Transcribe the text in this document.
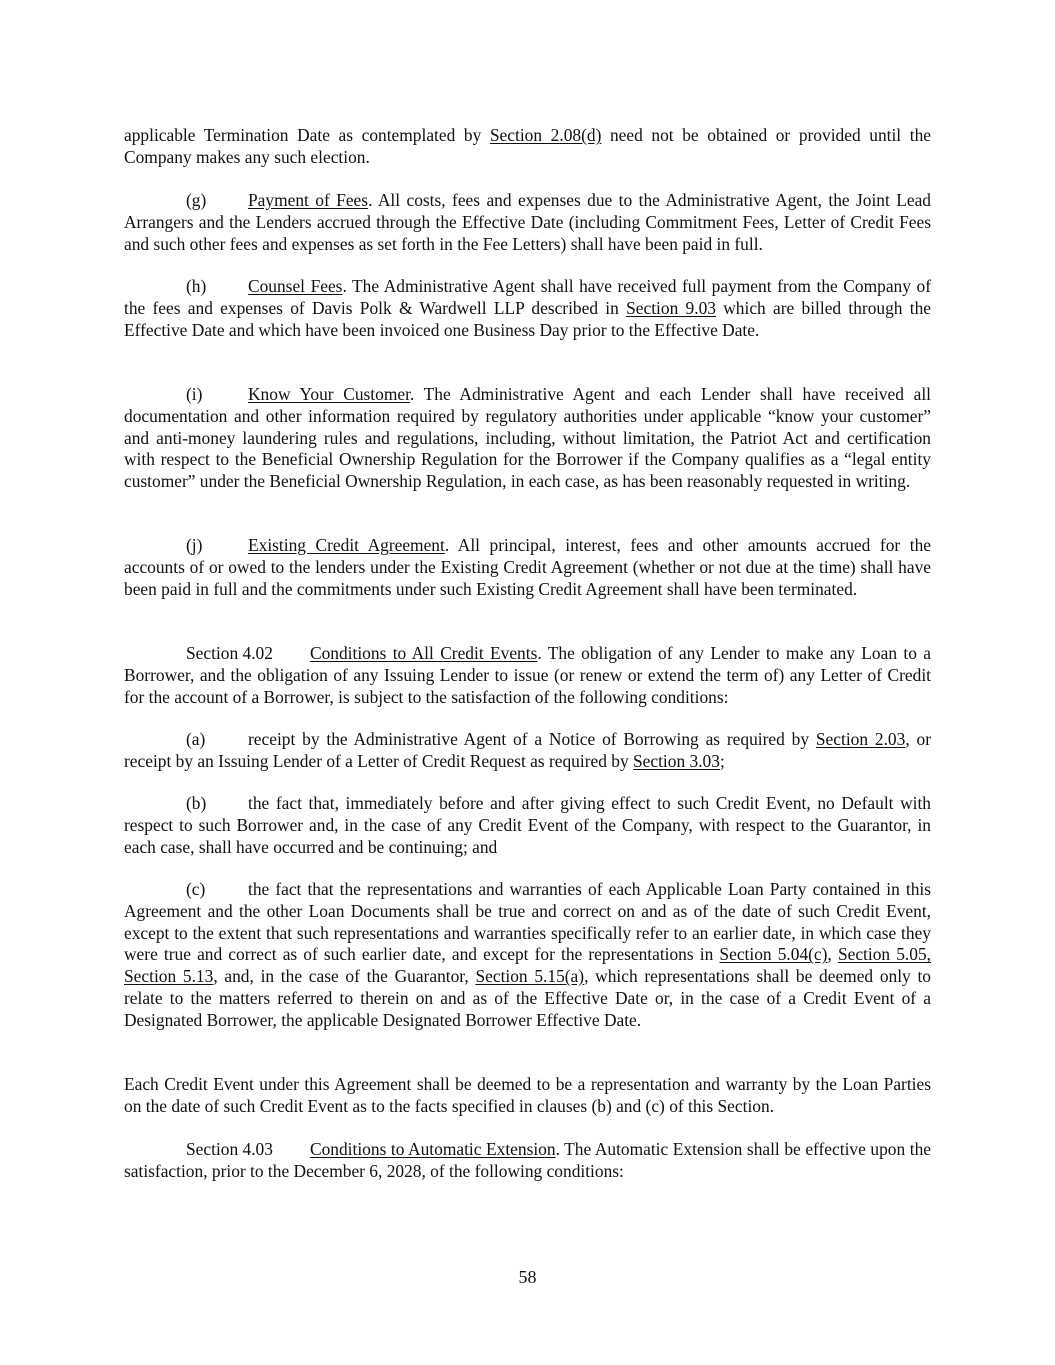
applicable Termination Date as contemplated by Section 2.08(d) need not be obtained or provided until the Company makes any such election.

(g) Payment of Fees. All costs, fees and expenses due to the Administrative Agent, the Joint Lead Arrangers and the Lenders accrued through the Effective Date (including Commitment Fees, Letter of Credit Fees and such other fees and expenses as set forth in the Fee Letters) shall have been paid in full.

(h) Counsel Fees. The Administrative Agent shall have received full payment from the Company of the fees and expenses of Davis Polk & Wardwell LLP described in Section 9.03 which are billed through the Effective Date and which have been invoiced one Business Day prior to the Effective Date.

(i)	Know Your Customer. The Administrative Agent and each Lender shall have received all documentation and other information required by regulatory authorities under applicable “know your customer” and anti-money laundering rules and regulations, including, without limitation, the Patriot Act and certification with respect to the Beneficial Ownership Regulation for the Borrower if the Company qualifies as a “legal entity customer” under the Beneficial Ownership Regulation, in each case, as has been reasonably requested in writing.

(j)	Existing Credit Agreement. All principal, interest, fees and other amounts accrued for the accounts of or owed to the lenders under the Existing Credit Agreement (whether or not due at the time) shall have been paid in full and the commitments under such Existing Credit Agreement shall have been terminated.

Section 4.02 Conditions to All Credit Events. The obligation of any Lender to make any Loan to a Borrower, and the obligation of any Issuing Lender to issue (or renew or extend the term of) any Letter of Credit for the account of a Borrower, is subject to the satisfaction of the following conditions:

(a) receipt by the Administrative Agent of a Notice of Borrowing as required by Section 2.03, or receipt by an Issuing Lender of a Letter of Credit Request as required by Section 3.03;

(b) the fact that, immediately before and after giving effect to such Credit Event, no Default with respect to such Borrower and, in the case of any Credit Event of the Company, with respect to the Guarantor, in each case, shall have occurred and be continuing; and

(c) the fact that the representations and warranties of each Applicable Loan Party contained in this Agreement and the other Loan Documents shall be true and correct on and as of the date of such Credit Event, except to the extent that such representations and warranties specifically refer to an earlier date, in which case they were true and correct as of such earlier date, and except for the representations in Section 5.04(c), Section 5.05, Section 5.13, and, in the case of the Guarantor, Section 5.15(a), which representations shall be deemed only to relate to the matters referred to therein on and as of the Effective Date or, in the case of a Credit Event of a Designated Borrower, the applicable Designated Borrower Effective Date.

Each Credit Event under this Agreement shall be deemed to be a representation and warranty by the Loan Parties on the date of such Credit Event as to the facts specified in clauses (b) and (c) of this Section.

Section 4.03 Conditions to Automatic Extension. The Automatic Extension shall be effective upon the satisfaction, prior to the December 6, 2028, of the following conditions:

58
